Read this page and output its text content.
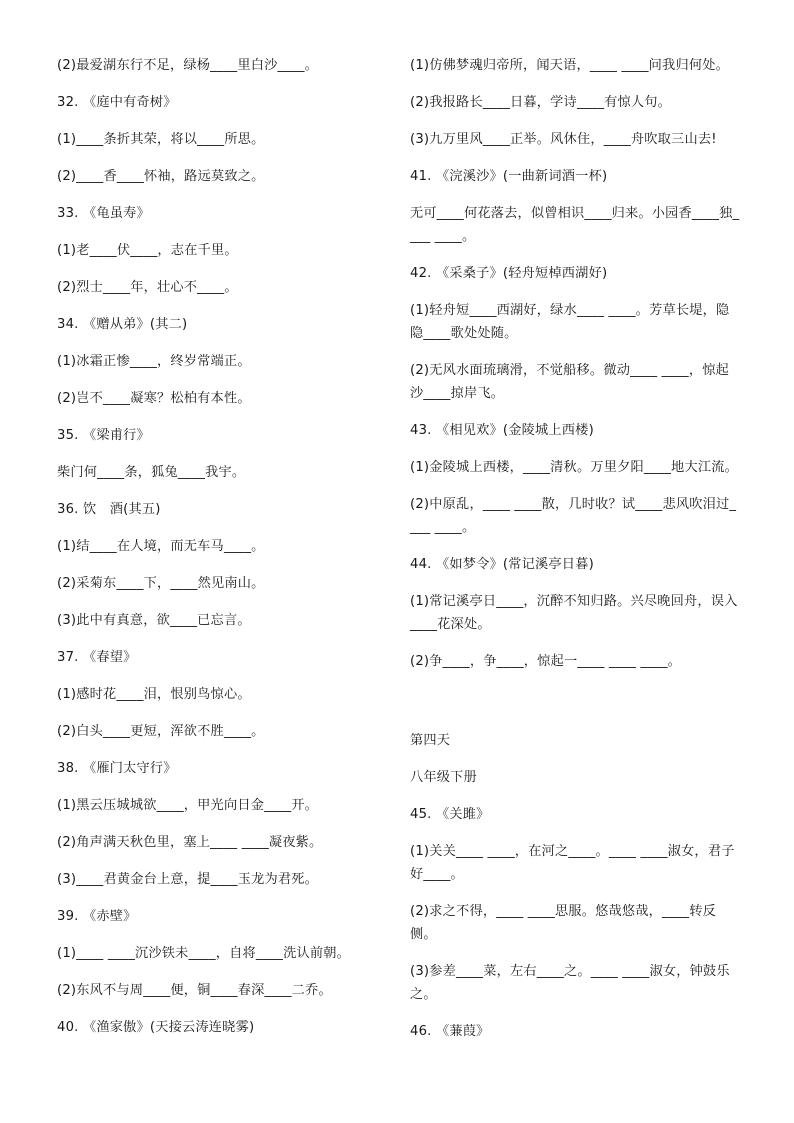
(2)最爱湖东行不足，绿杨____里白沙____。

32. 《庭中有奇树》

(1)____条折其荣，将以____所思。

(2)____香____怀袖，路远莫致之。

33. 《龟虽寿》

(1)老____伏____，志在千里。

(2)烈士____年，壮心不____。

34. 《赠从弟》(其二)

(1)冰霜正惨____，终岁常端正。

(2)岂不____凝寒？松柏有本性。

35. 《梁甫行》

柴门何____条，狐兔____我宇。

36. 饮　酒(其五)

(1)结____在人境，而无车马____。

(2)采菊东____下，____然见南山。

(3)此中有真意，欲____已忘言。

37. 《春望》

(1)感时花____泪，恨别鸟惊心。

(2)白头____更短，浑欲不胜____。

38. 《雁门太守行》

(1)黑云压城城欲____，甲光向日金____开。

(2)角声满天秋色里，塞上____ ____凝夜紫。

(3)____君黄金台上意，提____玉龙为君死。

39. 《赤壁》

(1)____ ____沉沙铁未____，自将____洗认前朝。

(2)东风不与周____便，铜____春深____二乔。

40. 《渔家傲》(天接云涛连晓雾)

(1)仿佛梦魂归帝所，闻天语，____ ____问我归何处。

(2)我报路长____日暮，学诗____有惊人句。

(3)九万里风____正举。风休住，____舟吹取三山去!

41. 《浣溪沙》(一曲新词酒一杯)

无可____何花落去，似曾相识____归来。小园香____独____ ____。

42. 《采桑子》(轻舟短棹西湖好)

(1)轻舟短____西湖好，绿水____ ____。芳草长堤，隐隐____歌处处随。

(2)无风水面琉璃滑，不觉船移。微动____ ____，惊起沙____掠岸飞。

43. 《相见欢》(金陵城上西楼)

(1)金陵城上西楼，____清秋。万里夕阳____地大江流。

(2)中原乱，____ ____散，几时收？试____悲风吹泪过____ ____。

44. 《如梦令》(常记溪亭日暮)

(1)常记溪亭日____，沉醉不知归路。兴尽晚回舟，误入____花深处。

(2)争____，争____，惊起一____ ____ ____。

第四天

八年级下册

45. 《关雎》

(1)关关____ ____，在河之____。____ ____淑女，君子好____。

(2)求之不得，____ ____思服。悠哉悠哉，____转反侧。

(3)参差____菜，左右____之。____ ____淑女，钟鼓乐之。

46. 《蒹葭》
